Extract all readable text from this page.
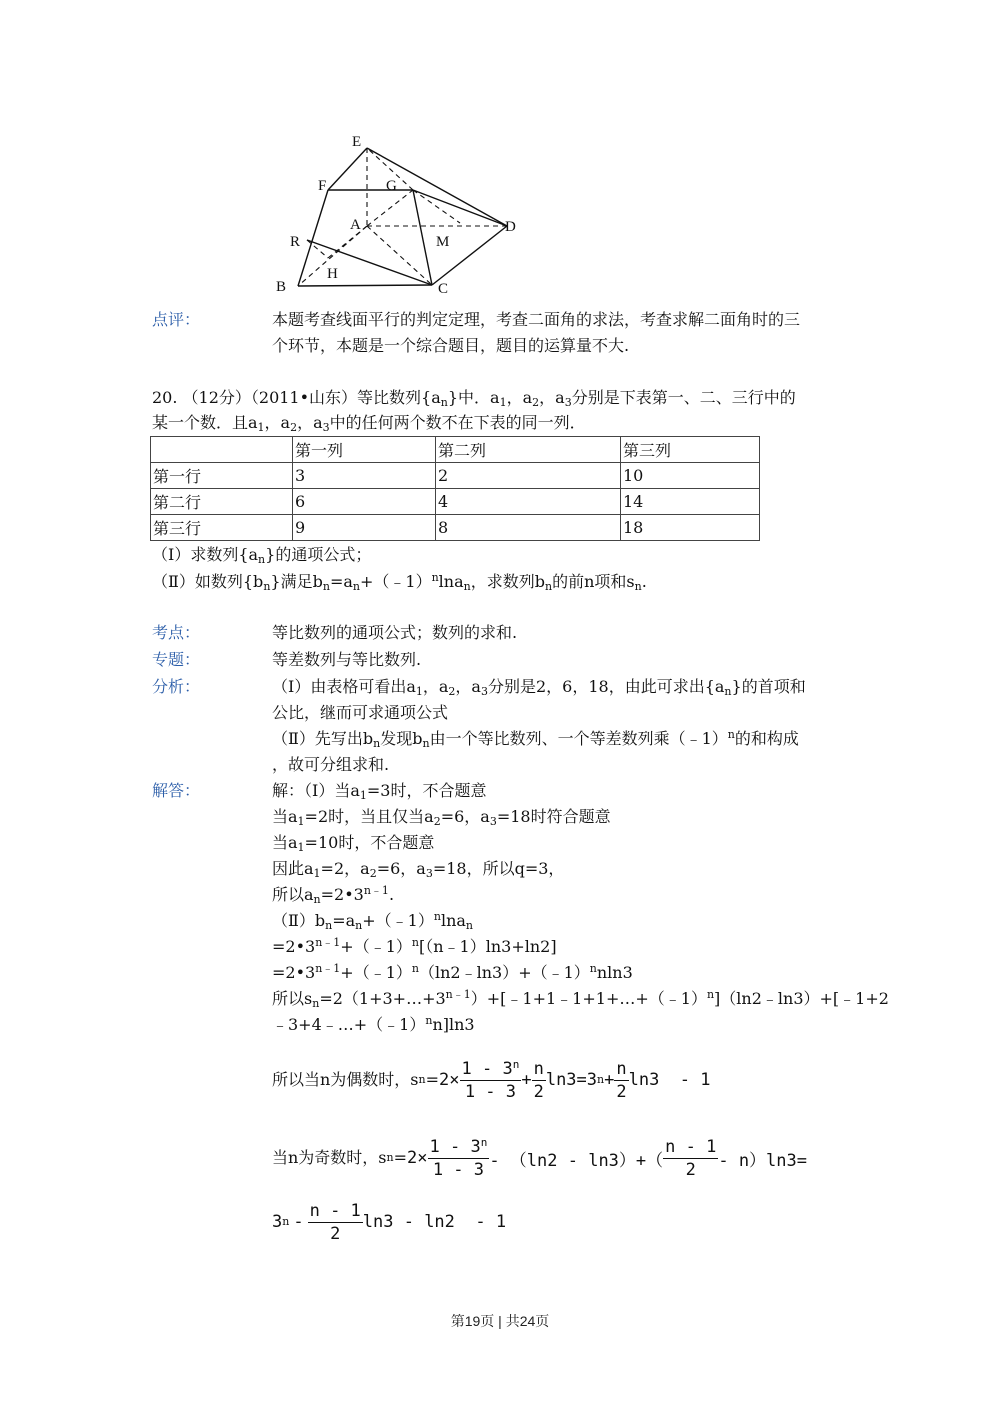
E
F	G
A	D
M
R
H
B	C
点评：	本题考查线面平行的判定定理，考查二面角的求法，考查求解二面角时的三
个环节，本题是一个综合题目，题目的运算量不大.
20. （12分）（2011•山东）等比数列$\{a_n\}$中．$a_1$，$a_2$，$a_3$分别是下表第一、二、三行中的
某一个数．且$a_1$，$a_2$，$a_3$中的任何两个数不在下表的同一列．
	第一列	第二列	第三列
第一行	3	2	10
第二行	6	4	14
第三行	9	8	18
（Ⅰ）求数列$\{a_n\}$的通项公式；
（Ⅱ）如数列$\{b_n\}$满足$b_n=a_n+(﹣1)^n\ln a_n$，求数列$b_n$的前n项和$s_n$.
考点：	等比数列的通项公式；数列的求和.
专题：	等差数列与等比数列.
分析：	（Ⅰ）由表格可看出$a_1$，$a_2$，$a_3$分别是2，6，18，由此可求出$\{a_n\}$的首项和
公比，继而可求通项公式
（Ⅱ）先写出$b_n$发现$b_n$由一个等比数列、一个等差数列乘（﹣1）$^n$的和构成
，故可分组求和.
解答：	解：（Ⅰ）当$a_1=3$时，不合题意
当$a_1=2$时，当且仅当$a_2=6$，$a_3=18$时符合题意
当$a_1=10$时，不合题意
因此$a_1=2$，$a_2=6$，$a_3=18$，所以q=3，
所以$a_n=2•3^{n﹣1}$.
$(Ⅱ)b_n=a_n+(﹣1)^n\ln a_n$
$=2•3^{n﹣1}+(﹣1)^n[(n﹣1)\ln 3+\ln 2]$
$=2•3^{n﹣1}+(﹣1)^n(\ln 2﹣\ln 3)+(﹣1)^nnln3$
所以$s_n=2(1+3+\dots+3^{n﹣1})+[﹣1+1﹣1+1+\dots+(﹣1)^n](\ln 2﹣\ln 3)+[﹣1+2$
﹣3+4﹣…+（﹣1）$^n$n]ln3
所以当n为偶数时，s $n = 2\times \frac{1 - 3^n}{1 - 3} + \frac{n}{2} \ln 3= 3$ $n + \frac{n}{2} \ln 3 - 1$
当n为奇数时，s $n = 2\times \frac{1 - 3^n}{1 - 3} - (\ln 2 - \ln 3)+( \frac{n - 1}{2} - n)\ln 3=$
3 n - $\frac{n - 1}{2} \ln 3 - \ln 2 - 1$
第19页 | 共24页
